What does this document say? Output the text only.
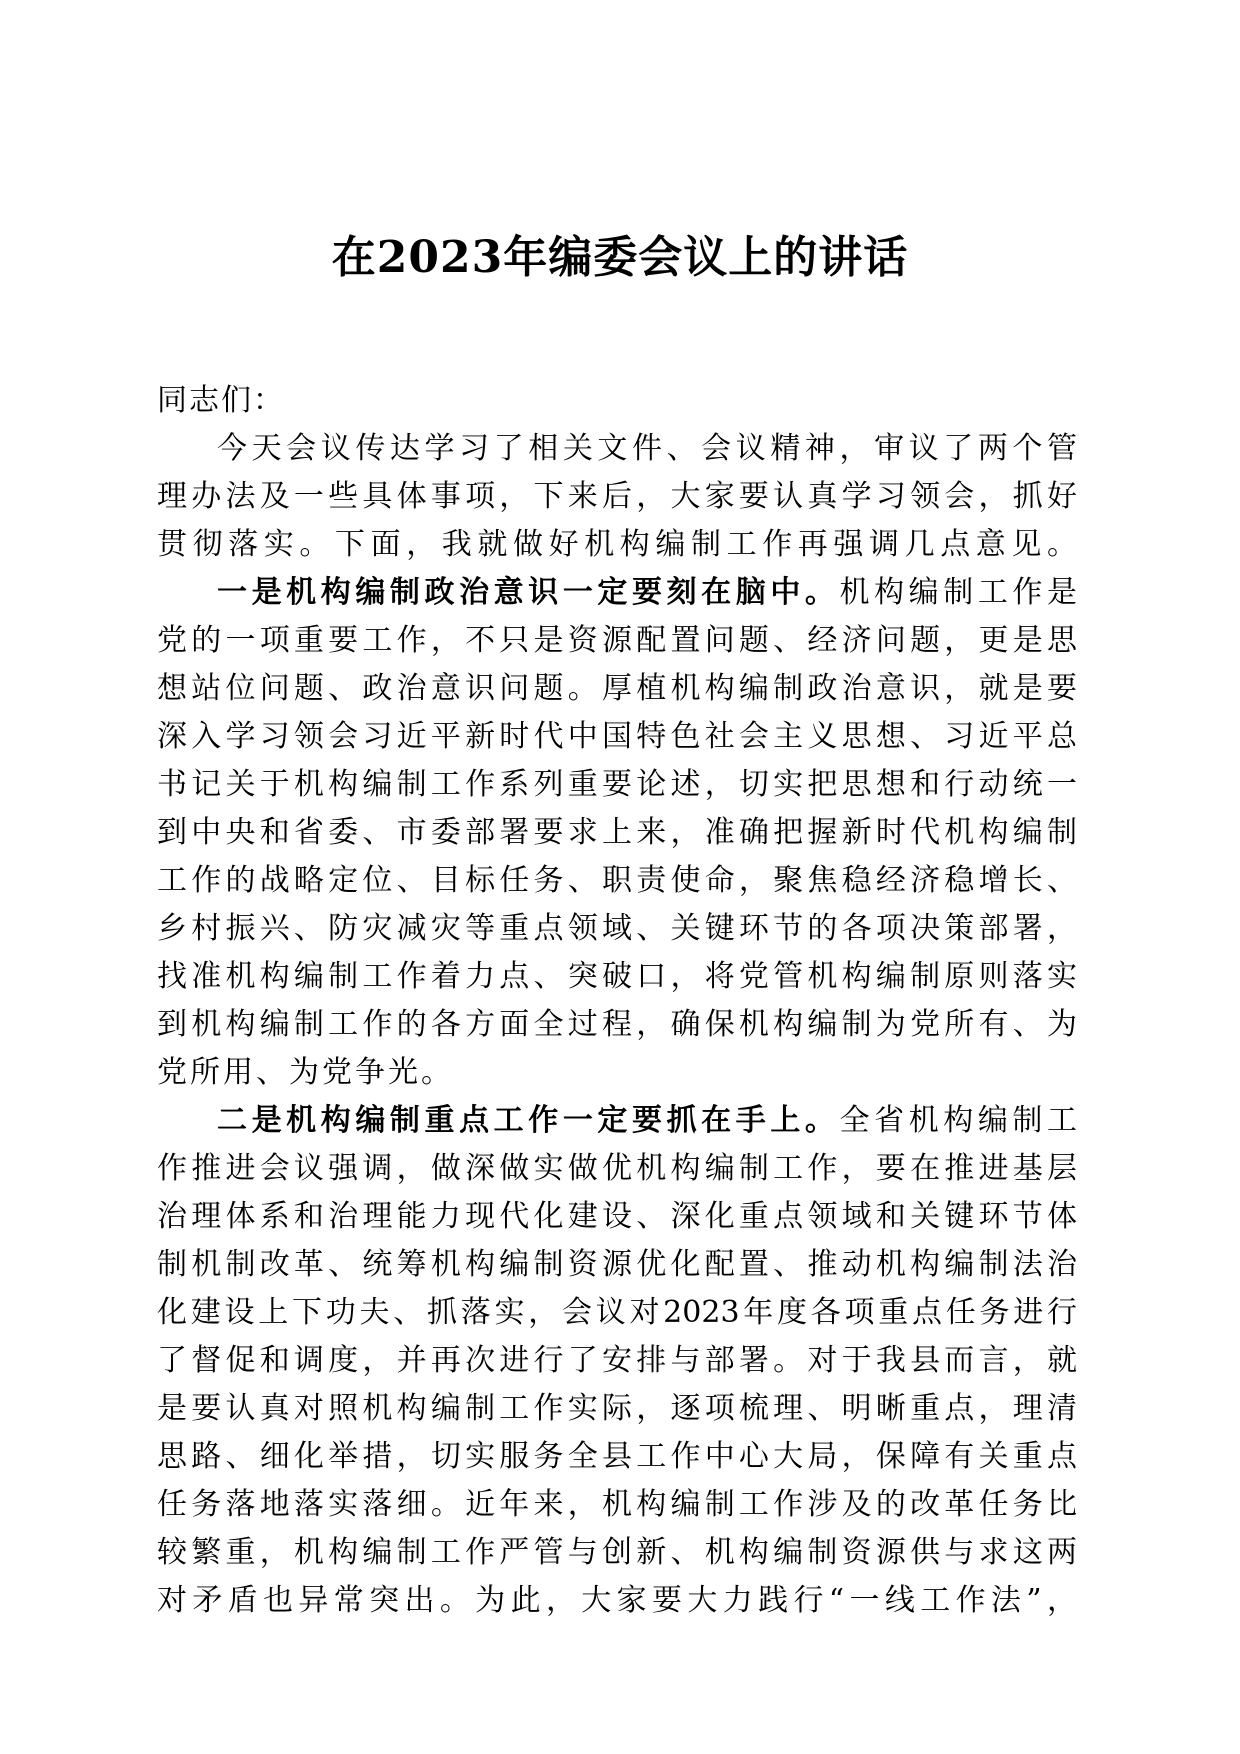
在2023年编委会议上的讲话

同志们：

今天会议传达学习了相关文件、会议精神，审议了两个管

理办法及一些具体事项，下来后，大家要认真学习领会，抓好

贯彻落实。下面，我就做好机构编制工作再强调几点意见。

一是机构编制政治意识一定要刻在脑中。机构编制工作是

党的一项重要工作，不只是资源配置问题、经济问题，更是思

想站位问题、政治意识问题。厚植机构编制政治意识，就是要

深入学习领会习近平新时代中国特色社会主义思想、习近平总

书记关于机构编制工作系列重要论述，切实把思想和行动统一

到中央和省委、市委部署要求上来，准确把握新时代机构编制

工作的战略定位、目标任务、职责使命，聚焦稳经济稳增长、

乡村振兴、防灾减灾等重点领域、关键环节的各项决策部署，

找准机构编制工作着力点、突破口，将党管机构编制原则落实

到机构编制工作的各方面全过程，确保机构编制为党所有、为

党所用、为党争光。

二是机构编制重点工作一定要抓在手上。全省机构编制工

作推进会议强调，做深做实做优机构编制工作，要在推进基层

治理体系和治理能力现代化建设、深化重点领域和关键环节体

制机制改革、统筹机构编制资源优化配置、推动机构编制法治

化建设上下功夫、抓落实，会议对2023年度各项重点任务进行

了督促和调度，并再次进行了安排与部署。对于我县而言，就

是要认真对照机构编制工作实际，逐项梳理、明晰重点，理清

思路、细化举措，切实服务全县工作中心大局，保障有关重点

任务落地落实落细。近年来，机构编制工作涉及的改革任务比

较繁重，机构编制工作严管与创新、机构编制资源供与求这两

对矛盾也异常突出。为此，大家要大力践行“一线工作法”，
